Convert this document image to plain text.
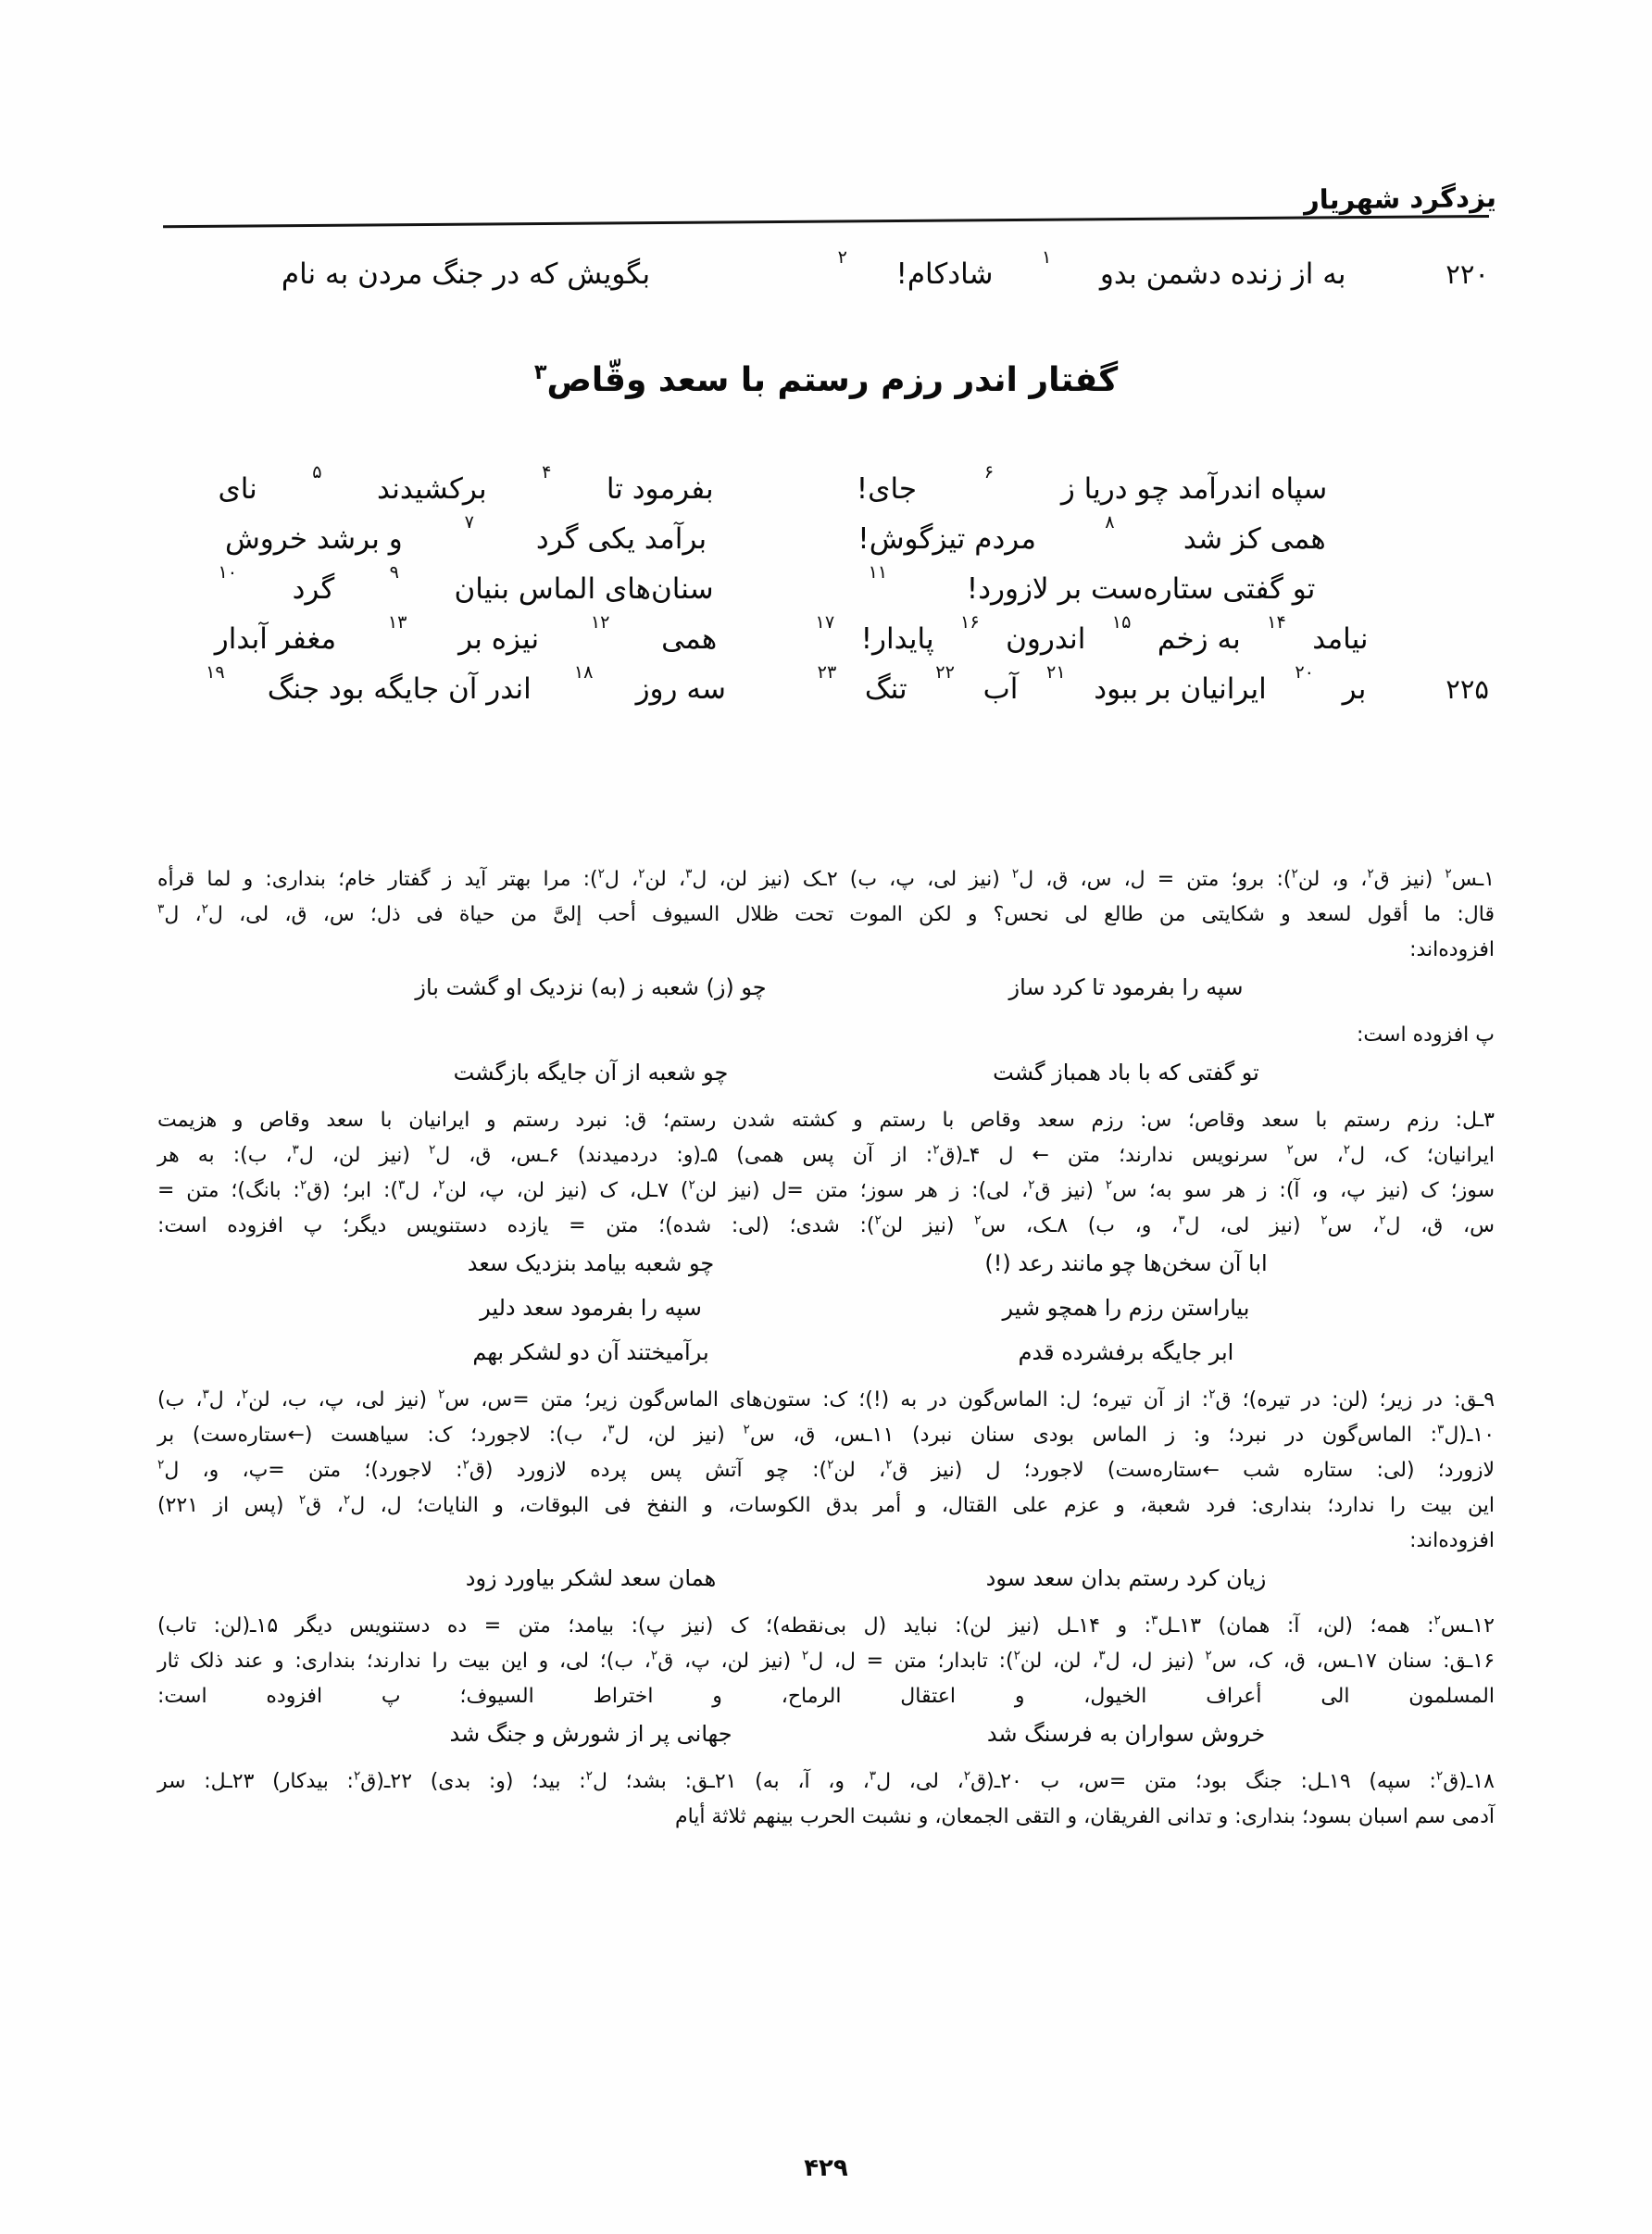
یزدگرد شهریار
۲۲۰
به از زنده دشمن بدو
۱
شادکام!
۲
بگویش که در جنگ مردن به نام
گفتار اندر رزم رستم با سعد وقّاص$^۳$
سپاه اندرآمد چو دریا ز
۶
جای!
بفرمود تا
۴
برکشیدند
۵
نای
همی کز شد
۸
مردم تیزگوش!
برآمد یکی گرد
۷
و برشد خروش
تو گفتی ستاره‌ست بر لازورد!
۱۱
سنان‌های الماس بنیان
۹
گرد
۱۰
نیامد
۱۴
به زخم
۱۵
اندرون
۱۶
پایدار!
۱۷
همی
۱۲
نیزه بر
۱۳
مغفر آبدار
۲۲۵
بر
۲۰
ایرانیان بر ببود
۲۱
آب
۲۲
تنگ
۲۳
سه روز
۱۸
اندر آن جایگه بود جنگ
۱۹

۱ـس$^۲$ (نیز ق$^۲$، و، لن$^۲$): برو؛ متن = ل، س، ق، ل$^۲$ (نیز لی، پ، ب) ۲ـک (نیز لن، ل$^۳$، لن$^۲$، ل$^۲$): مرا بهتر آید ز گفتار خام؛ بنداری: و لما قرأه

قال: ما أقول لسعد و شکایتی من طالع لی نحس؟ و لکن الموت تحت ظلال السیوف أحب إلیَّ من حیاة فی ذل؛ س، ق، لی، ل$^۲$، ل$^۳$

افزوده‌اند:

سپه را بفرمود تا کرد ساز
چو (ز) شعبه ز (به) نزدیک او گشت باز

پ افزوده است:

تو گفتی که با باد همباز گشت
چو شعبه از آن جایگه بازگشت

۳ـل: رزم رستم با سعد وقاص؛ س: رزم سعد وقاص با رستم و کشته شدن رستم؛ ق: نبرد رستم و ایرانیان با سعد وقاص و هزیمت

ایرانیان؛ ک، ل$^۲$، س$^۲$ سرنویس ندارند؛ متن ← ل ۴ـ(ق$^۲$: از آن پس همی) ۵ـ(و: دردمیدند) ۶ـس، ق، ل$^۲$ (نیز لن، ل$^۳$، ب): به هر

سوز؛ ک (نیز پ، و، آ): ز هر سو به؛ س$^۲$ (نیز ق$^۲$، لی): ز هر سوز؛ متن =ل (نیز لن$^۲$) ۷ـل، ک (نیز لن، پ، لن$^۲$، ل$^۳$): ابر؛ (ق$^۲$: بانگ)؛ متن =

س، ق، ل$^۲$، س$^۲$ (نیز لی، ل$^۳$، و، ب) ۸ـک، س$^۲$ (نیز لن$^۲$): شدی؛ (لی: شده)؛ متن = یازده دستنویس دیگر؛ پ افزوده است:

ابا آن سخن‌ها چو مانند رعد (!)
چو شعبه بیامد بنزدیک سعد
بیاراستن رزم را همچو شیر
سپه را بفرمود سعد دلیر
ابر جایگه برفشرده قدم
برآمیختند آن دو لشکر بهم

۹ـق: در زیر؛ (لن: در تیره)؛ ق$^۲$: از آن تیره؛ ل: الماس‌گون در به (!)؛ ک: ستون‌های الماس‌گون زیر؛ متن =س، س$^۲$ (نیز لی، پ، ب، لن$^۲$، ل$^۳$، ب)

۱۰ـ(ل$^۳$: الماس‌گون در نبرد؛ و: ز الماس بودی سنان نبرد) ۱۱ـس، ق، س$^۲$ (نیز لن، ل$^۳$، ب): لاجورد؛ ک: سیاهست (←ستاره‌ست) بر

لازورد؛ (لی: ستاره شب ←ستاره‌ست) لاجورد؛ ل (نیز ق$^۲$، لن$^۲$): چو آتش پس پرده لازورد (ق$^۲$: لاجورد)؛ متن =پ، و، ل$^۲$

این بیت را ندارد؛ بنداری: فرد شعبة، و عزم علی القتال، و أمر بدق الکوسات، و النفخ فی البوقات، و النایات؛ ل، ل$^۲$، ق$^۲$ (پس از ۲۲۱)

افزوده‌اند:

زیان کرد رستم بدان سعد سود
همان سعد لشکر بیاورد زود

۱۲ـس$^۲$: همه؛ (لن، آ: همان) ۱۳ـل$^۳$: و ۱۴ـل (نیز لن): نباید (ل بی‌نقطه)؛ ک (نیز پ): بیامد؛ متن = ده دستنویس دیگر ۱۵ـ(لن: تاب)

۱۶ـق: سنان ۱۷ـس، ق، ک، س$^۲$ (نیز ل، ل$^۳$، لن، لن$^۲$): تابدار؛ متن = ل، ل$^۲$ (نیز لن، پ، ق$^۲$، ب)؛ لی، و این بیت را ندارند؛ بنداری: و عند ذلک ثار

المسلمون الی أعراف الخیول، و اعتقال الرماح، و اختراط السیوف؛ پ افزوده است:

خروش سواران به فرسنگ شد
جهانی پر از شورش و جنگ شد

۱۸ـ(ق$^۲$: سپه) ۱۹ـل: جنگ بود؛ متن =س، ب ۲۰ـ(ق$^۲$، لی، ل$^۳$، و، آ، به) ۲۱ـق: بشد؛ ل$^۲$: بید؛ (و: بدی) ۲۲ـ(ق$^۲$: بیدکار) ۲۳ـل: سر

آدمی سم اسبان بسود؛ بنداری: و تدانی الفریقان، و التقی الجمعان، و نشبت الحرب بینهم ثلاثة أیام

۴۲۹
